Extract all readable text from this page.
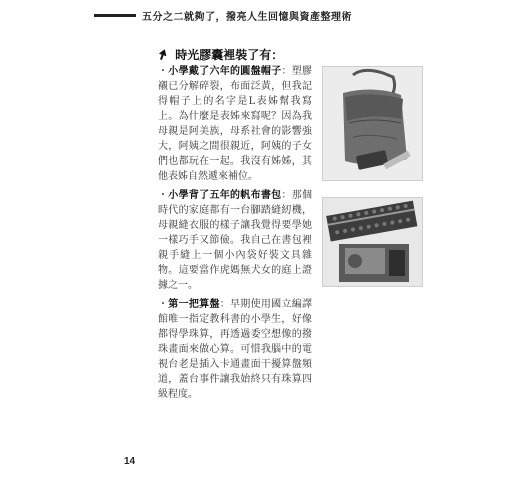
五分之二就夠了，撥亮人生回憶與資產整理術
時光膠囊裡裝了有：

・小學戴了六年的圓盤帽子：塑膠襯已分解碎裂，布面泛黃，但我記得帽子上的名字是L表姊幫我寫上。為什麼是表姊來寫呢？因為我母親是阿美族，母系社會的影響強大，阿姨之間很親近，阿姨的子女們也都玩在一起。我沒有姊姊，其他表姊自然遞來補位。

・小學背了五年的帆布書包：那個時代的家庭都有一台腳踏縫紉機，母親縫衣服的樣子讓我覺得要學她一樣巧手又節儉。我自己在書包裡親手縫上一個小內袋好裝文具雜物。這要當作虎媽無犬女的庭上證據之一。

・第一把算盤：早期使用國立編譯館唯一指定教科書的小學生，好像都得學珠算，再透過委空想像的撥珠畫面來做心算。可惜我腦中的電視台老是插入卡通畫面干擾算盤頻道，蓋台事件讓我始終只有珠算四級程度。

14
